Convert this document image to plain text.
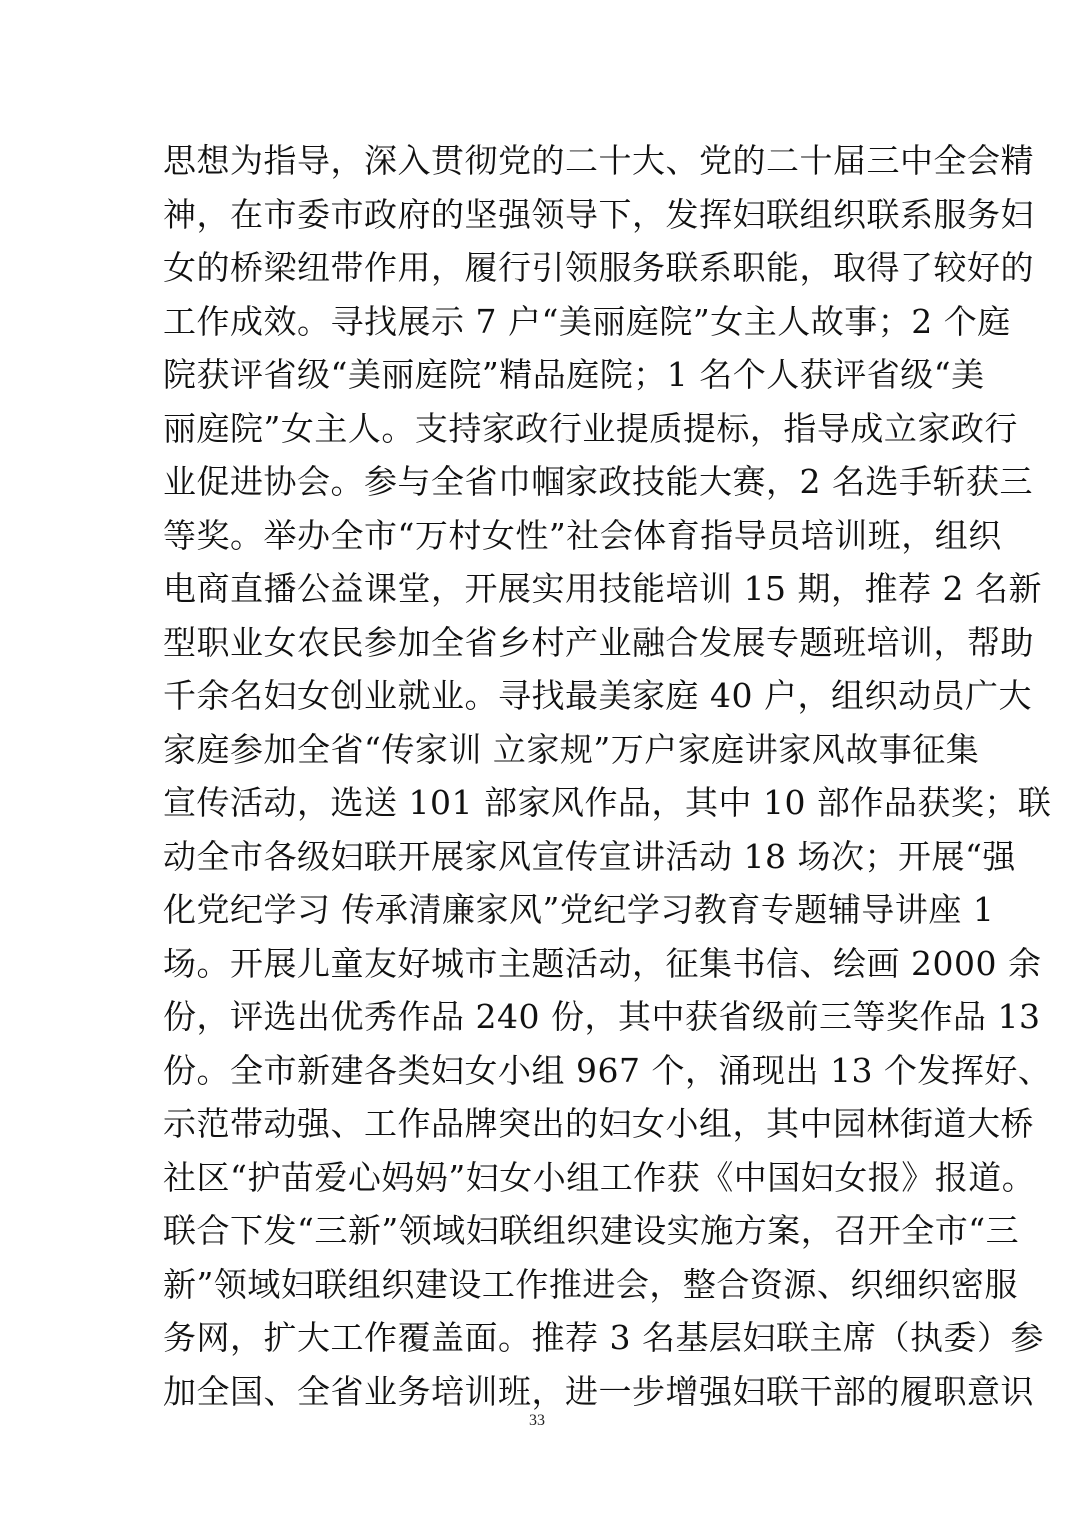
思想为指导，深入贯彻党的二十大、党的二十届三中全会精
神，在市委市政府的坚强领导下，发挥妇联组织联系服务妇
女的桥梁纽带作用，履行引领服务联系职能，取得了较好的
工作成效。寻找展示 7 户“美丽庭院”女主人故事；2 个庭
院获评省级“美丽庭院”精品庭院；1 名个人获评省级“美
丽庭院”女主人。支持家政行业提质提标，指导成立家政行
业促进协会。参与全省巾帼家政技能大赛，2 名选手斩获三
等奖。举办全市“万村女性”社会体育指导员培训班，组织
电商直播公益课堂，开展实用技能培训 15 期，推荐 2 名新
型职业女农民参加全省乡村产业融合发展专题班培训，帮助
千余名妇女创业就业。寻找最美家庭 40 户，组织动员广大
家庭参加全省“传家训 立家规”万户家庭讲家风故事征集
宣传活动，选送 101 部家风作品，其中 10 部作品获奖；联
动全市各级妇联开展家风宣传宣讲活动 18 场次；开展“强
化党纪学习 传承清廉家风”党纪学习教育专题辅导讲座 1
场。开展儿童友好城市主题活动，征集书信、绘画 2000 余
份，评选出优秀作品 240 份，其中获省级前三等奖作品 13
份。全市新建各类妇女小组 967 个，涌现出 13 个发挥好、
示范带动强、工作品牌突出的妇女小组，其中园林街道大桥
社区“护苗爱心妈妈”妇女小组工作获《中国妇女报》报道。
联合下发“三新”领域妇联组织建设实施方案，召开全市“三
新”领域妇联组织建设工作推进会，整合资源、织细织密服
务网，扩大工作覆盖面。推荐 3 名基层妇联主席（执委）参
加全国、全省业务培训班，进一步增强妇联干部的履职意识
33
